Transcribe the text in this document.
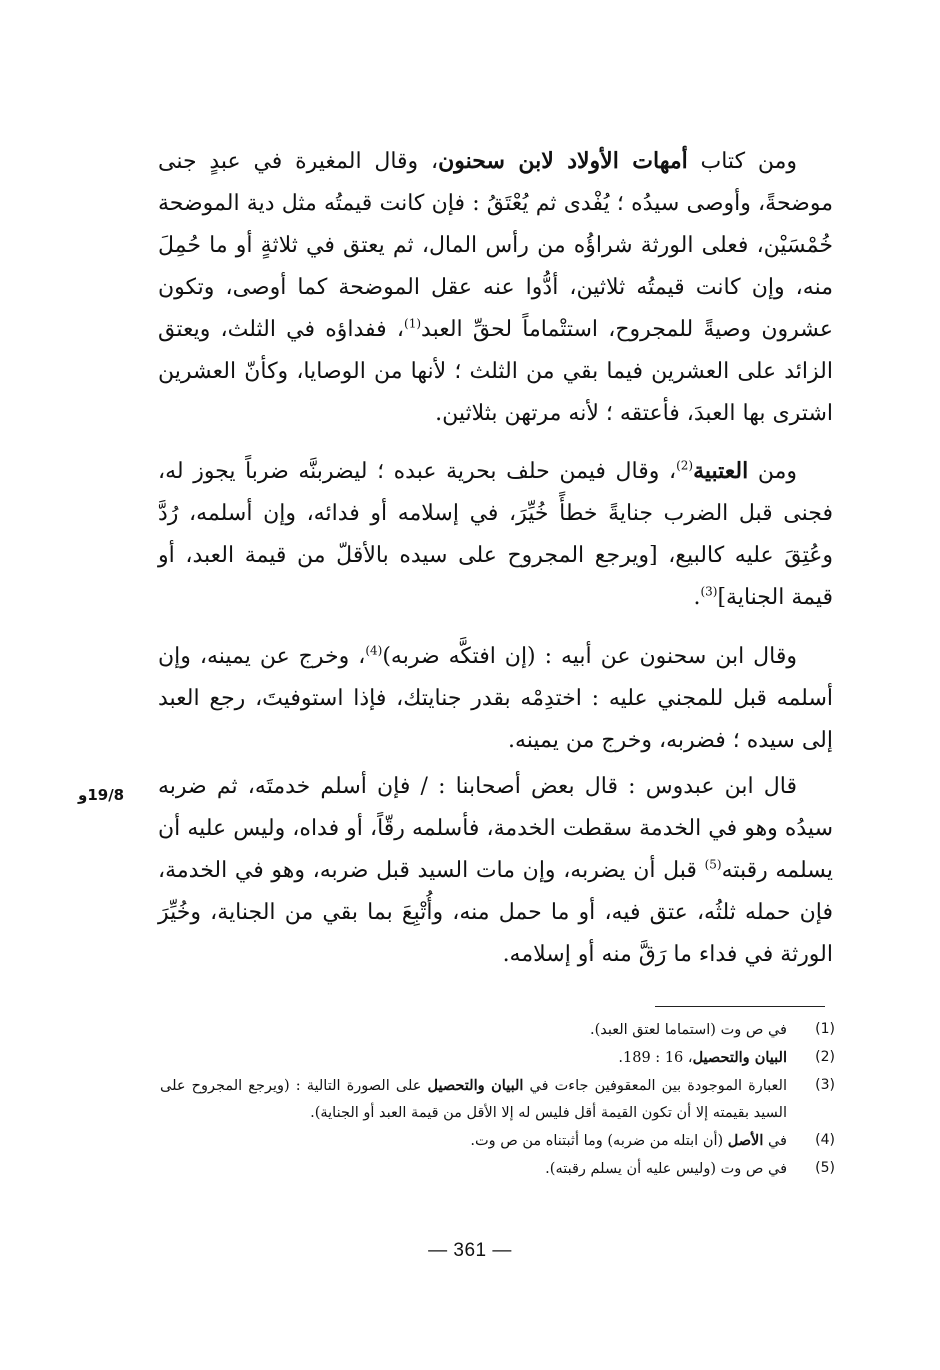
ومن كتاب أمهات الأولاد لابن سحنون، وقال المغيرة في عبدٍ جنى موضحةً، وأوصى سيدُه ؛ يُفْدى ثم يُعْتَقُ : فإن كانت قيمتُه مثل دية الموضحة خُمْسَيْن، فعلى الورثة شراؤُه من رأس المال، ثم يعتق في ثلاثةٍ أو ما حُمِلَ منه، وإن كانت قيمتُه ثلاثين، أدُّوا عنه عقل الموضحة كما أوصى، وتكون عشرون وصيةً للمجروح، استتْماماً لحقِّ العبد$^{(1)}$، ففداؤه في الثلث، ويعتق الزائد على العشرين فيما بقي من الثلث ؛ لأنها من الوصايا، وكأنّ العشرين اشترى بها العبدَ، فأعتقه ؛ لأنه مرتهن بثلاثين.

ومن العتبية$^{(2)}$، وقال فيمن حلف بحرية عبده ؛ ليضربنَّه ضرباً يجوز له، فجنى قبل الضرب جنايةً خطأً خُيِّرَ، في إسلامه أو فدائه، وإن أسلمه، رُدَّ وعُتِقَ عليه كالبيع، [ويرجع المجروح على سيده بالأقلّ من قيمة العبد، أو قيمة الجناية]$^{(3)}$.

وقال ابن سحنون عن أبيه : (إن افتكَّه ضربه)$^{(4)}$، وخرج عن يمينه، وإن أسلمه قبل للمجني عليه : اختدِمْه بقدر جنايتك، فإذا استوفيتَ، رجع العبد إلى سيده ؛ فضربه، وخرج من يمينه.

19/8و قال ابن عبدوس : قال بعض أصحابنا : / فإن أسلم خدمتَه، ثم ضربه سيدُه وهو في الخدمة سقطت الخدمة، فأسلمه رقّاً، أو فداه، وليس عليه أن يسلمه رقبته$^{(5)}$ قبل أن يضربه، وإن مات السيد قبل ضربه، وهو في الخدمة، فإن حمله ثلثُه، عتق فيه، أو ما حمل منه، وأُتْبِعَ بما بقي من الجناية، وخُيِّرَ الورثة في فداء ما رَقَّ منه أو إسلامه.

(1)
في ص وت (استماما لعتق العبد).
(2)
البيان والتحصيل، 16 : 189.
(3)
العبارة الموجودة بين المعقوفين جاءت في البيان والتحصيل على الصورة التالية : (ويرجع المجروح على السيد بقيمته إلا أن تكون القيمة أقل فليس له إلا الأقل من قيمة العبد أو الجناية).
(4)
في الأصل (أن ابتله من ضربه) وما أثبتناه من ص وت.
(5)
في ص وت (وليس عليه أن يسلم رقبته).
— 361 —
